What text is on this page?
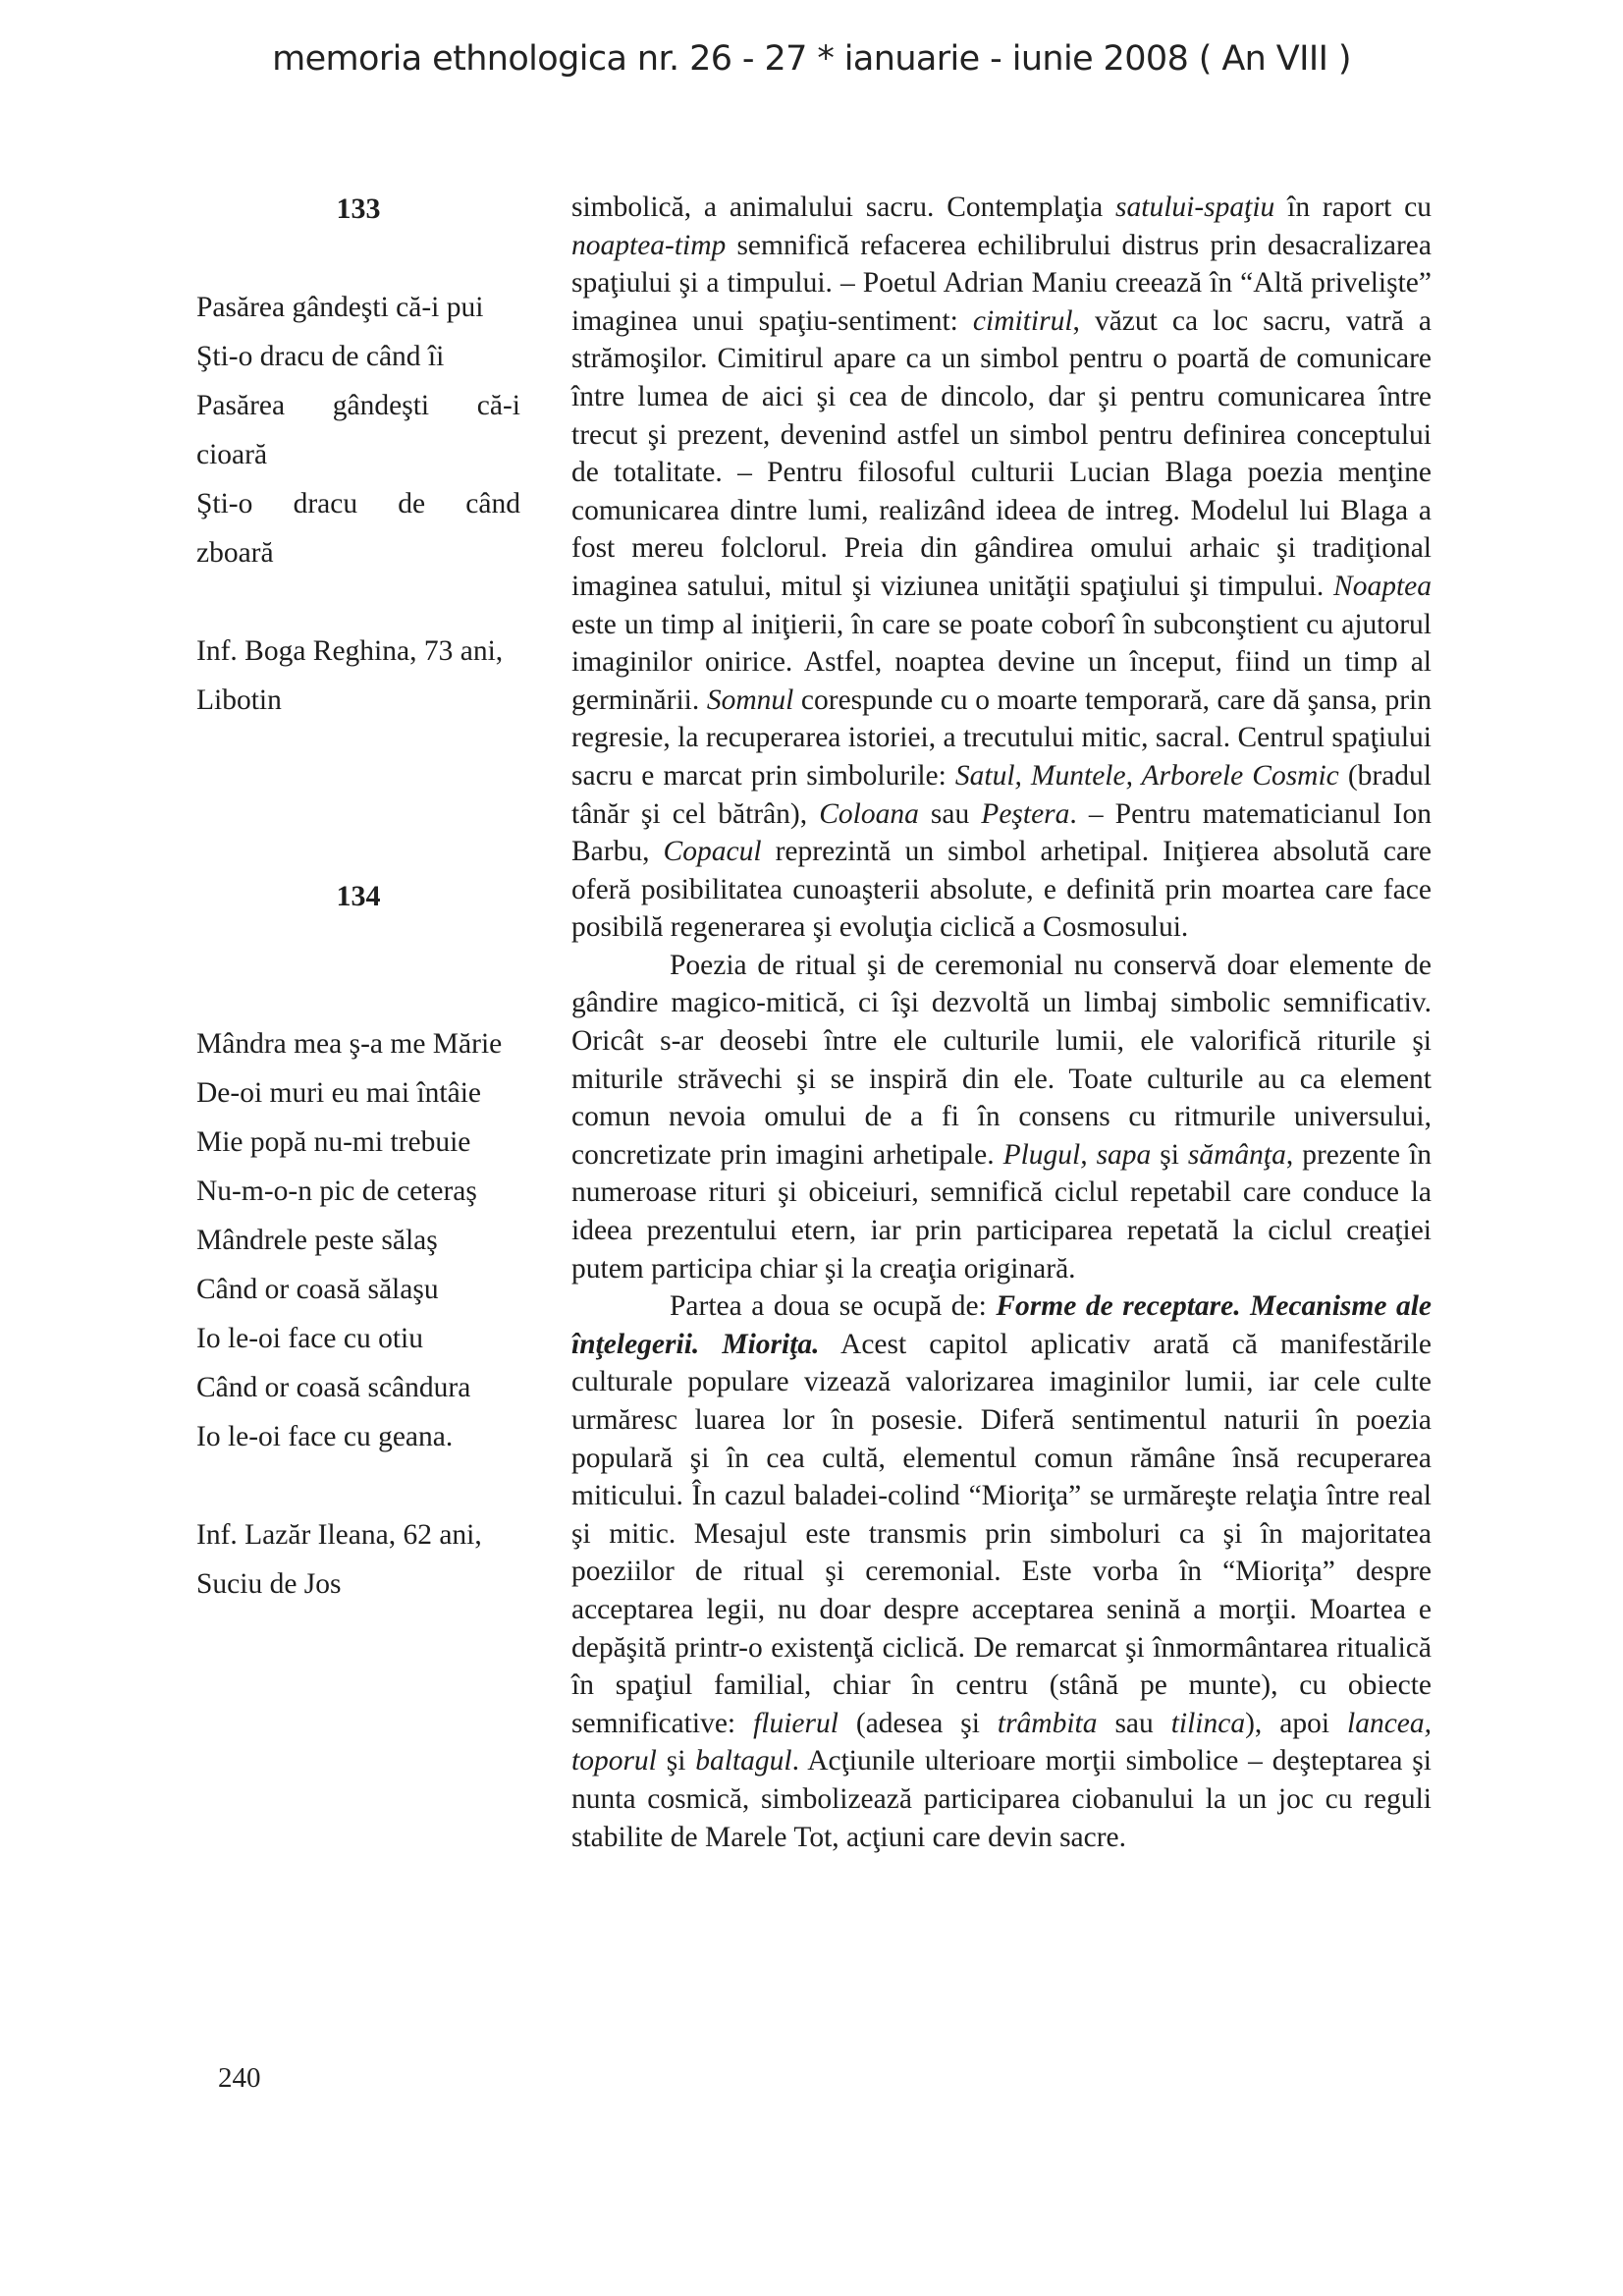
memoria ethnologica nr. 26 - 27 * ianuarie - iunie 2008 ( An VIII )
133
Pasărea gândeşti că-i pui
Şti-o dracu de când îi
Pasărea gândeşti că-i
cioară
Şti-o dracu de când
zboară
Inf. Boga Reghina, 73 ani,
Libotin
134
Mândra mea ş-a me Mărie
De-oi muri eu mai întâie
Mie popă nu-mi trebuie
Nu-m-o-n pic de ceteraş
Mândrele peste sălaş
Când or coasă sălaşu
Io le-oi face cu otiu
Când or coasă scândura
Io le-oi face cu geana.
Inf. Lazăr Ileana, 62 ani,
Suciu de Jos

simbolică, a animalului sacru. Contemplaţia satului-spaţiu în raport cu noaptea-timp semnifică refacerea echilibrului distrus prin desacralizarea spaţiului şi a timpului. – Poetul Adrian Maniu creează în “Altă privelişte” imaginea unui spaţiu-sentiment: cimitirul, văzut ca loc sacru, vatră a strămoşilor. Cimitirul apare ca un simbol pentru o poartă de comunicare între lumea de aici şi cea de dincolo, dar şi pentru comunicarea între trecut şi prezent, devenind astfel un simbol pentru definirea conceptului de totalitate. – Pentru filosoful culturii Lucian Blaga poezia menţine comunicarea dintre lumi, realizând ideea de intreg. Modelul lui Blaga a fost mereu folclorul. Preia din gândirea omului arhaic şi tradiţional imaginea satului, mitul şi viziunea unităţii spaţiului şi timpului. Noaptea este un timp al iniţierii, în care se poate coborî în subconştient cu ajutorul imaginilor onirice. Astfel, noaptea devine un început, fiind un timp al germinării. Somnul corespunde cu o moarte temporară, care dă şansa, prin regresie, la recuperarea istoriei, a trecutului mitic, sacral. Centrul spaţiului sacru e marcat prin simbolurile: Satul, Muntele, Arborele Cosmic (bradul tânăr şi cel bătrân), Coloana sau Peştera. – Pentru matematicianul Ion Barbu, Copacul reprezintă un simbol arhetipal. Iniţierea absolută care oferă posibilitatea cunoaşterii absolute, e definită prin moartea care face posibilă regenerarea şi evoluţia ciclică a Cosmosului.

Poezia de ritual şi de ceremonial nu conservă doar elemente de gândire magico-mitică, ci îşi dezvoltă un limbaj simbolic semnificativ. Oricât s-ar deosebi între ele culturile lumii, ele valorifică riturile şi miturile străvechi şi se inspiră din ele. Toate culturile au ca element comun nevoia omului de a fi în consens cu ritmurile universului, concretizate prin imagini arhetipale. Plugul, sapa şi sămânţa, prezente în numeroase rituri şi obiceiuri, semnifică ciclul repetabil care conduce la ideea prezentului etern, iar prin participarea repetată la ciclul creaţiei putem participa chiar şi la creaţia originară.

Partea a doua se ocupă de: Forme de receptare. Mecanisme ale înţelegerii. Mioriţa. Acest capitol aplicativ arată că manifestările culturale populare vizează valorizarea imaginilor lumii, iar cele culte urmăresc luarea lor în posesie. Diferă sentimentul naturii în poezia populară şi în cea cultă, elementul comun rămâne însă recuperarea miticului. În cazul baladei-colind “Mioriţa” se urmăreşte relaţia între real şi mitic. Mesajul este transmis prin simboluri ca şi în majoritatea poeziilor de ritual şi ceremonial. Este vorba în “Mioriţa” despre acceptarea legii, nu doar despre acceptarea senină a morţii. Moartea e depăşită printr-o existenţă ciclică. De remarcat şi înmormântarea ritualică în spaţiul familial, chiar în centru (stână pe munte), cu obiecte semnificative: fluierul (adesea şi trâmbita sau tilinca), apoi lancea, toporul şi baltagul. Acţiunile ulterioare morţii simbolice – deşteptarea şi nunta cosmică, simbolizează participarea ciobanului la un joc cu reguli stabilite de Marele Tot, acţiuni care devin sacre.

240
